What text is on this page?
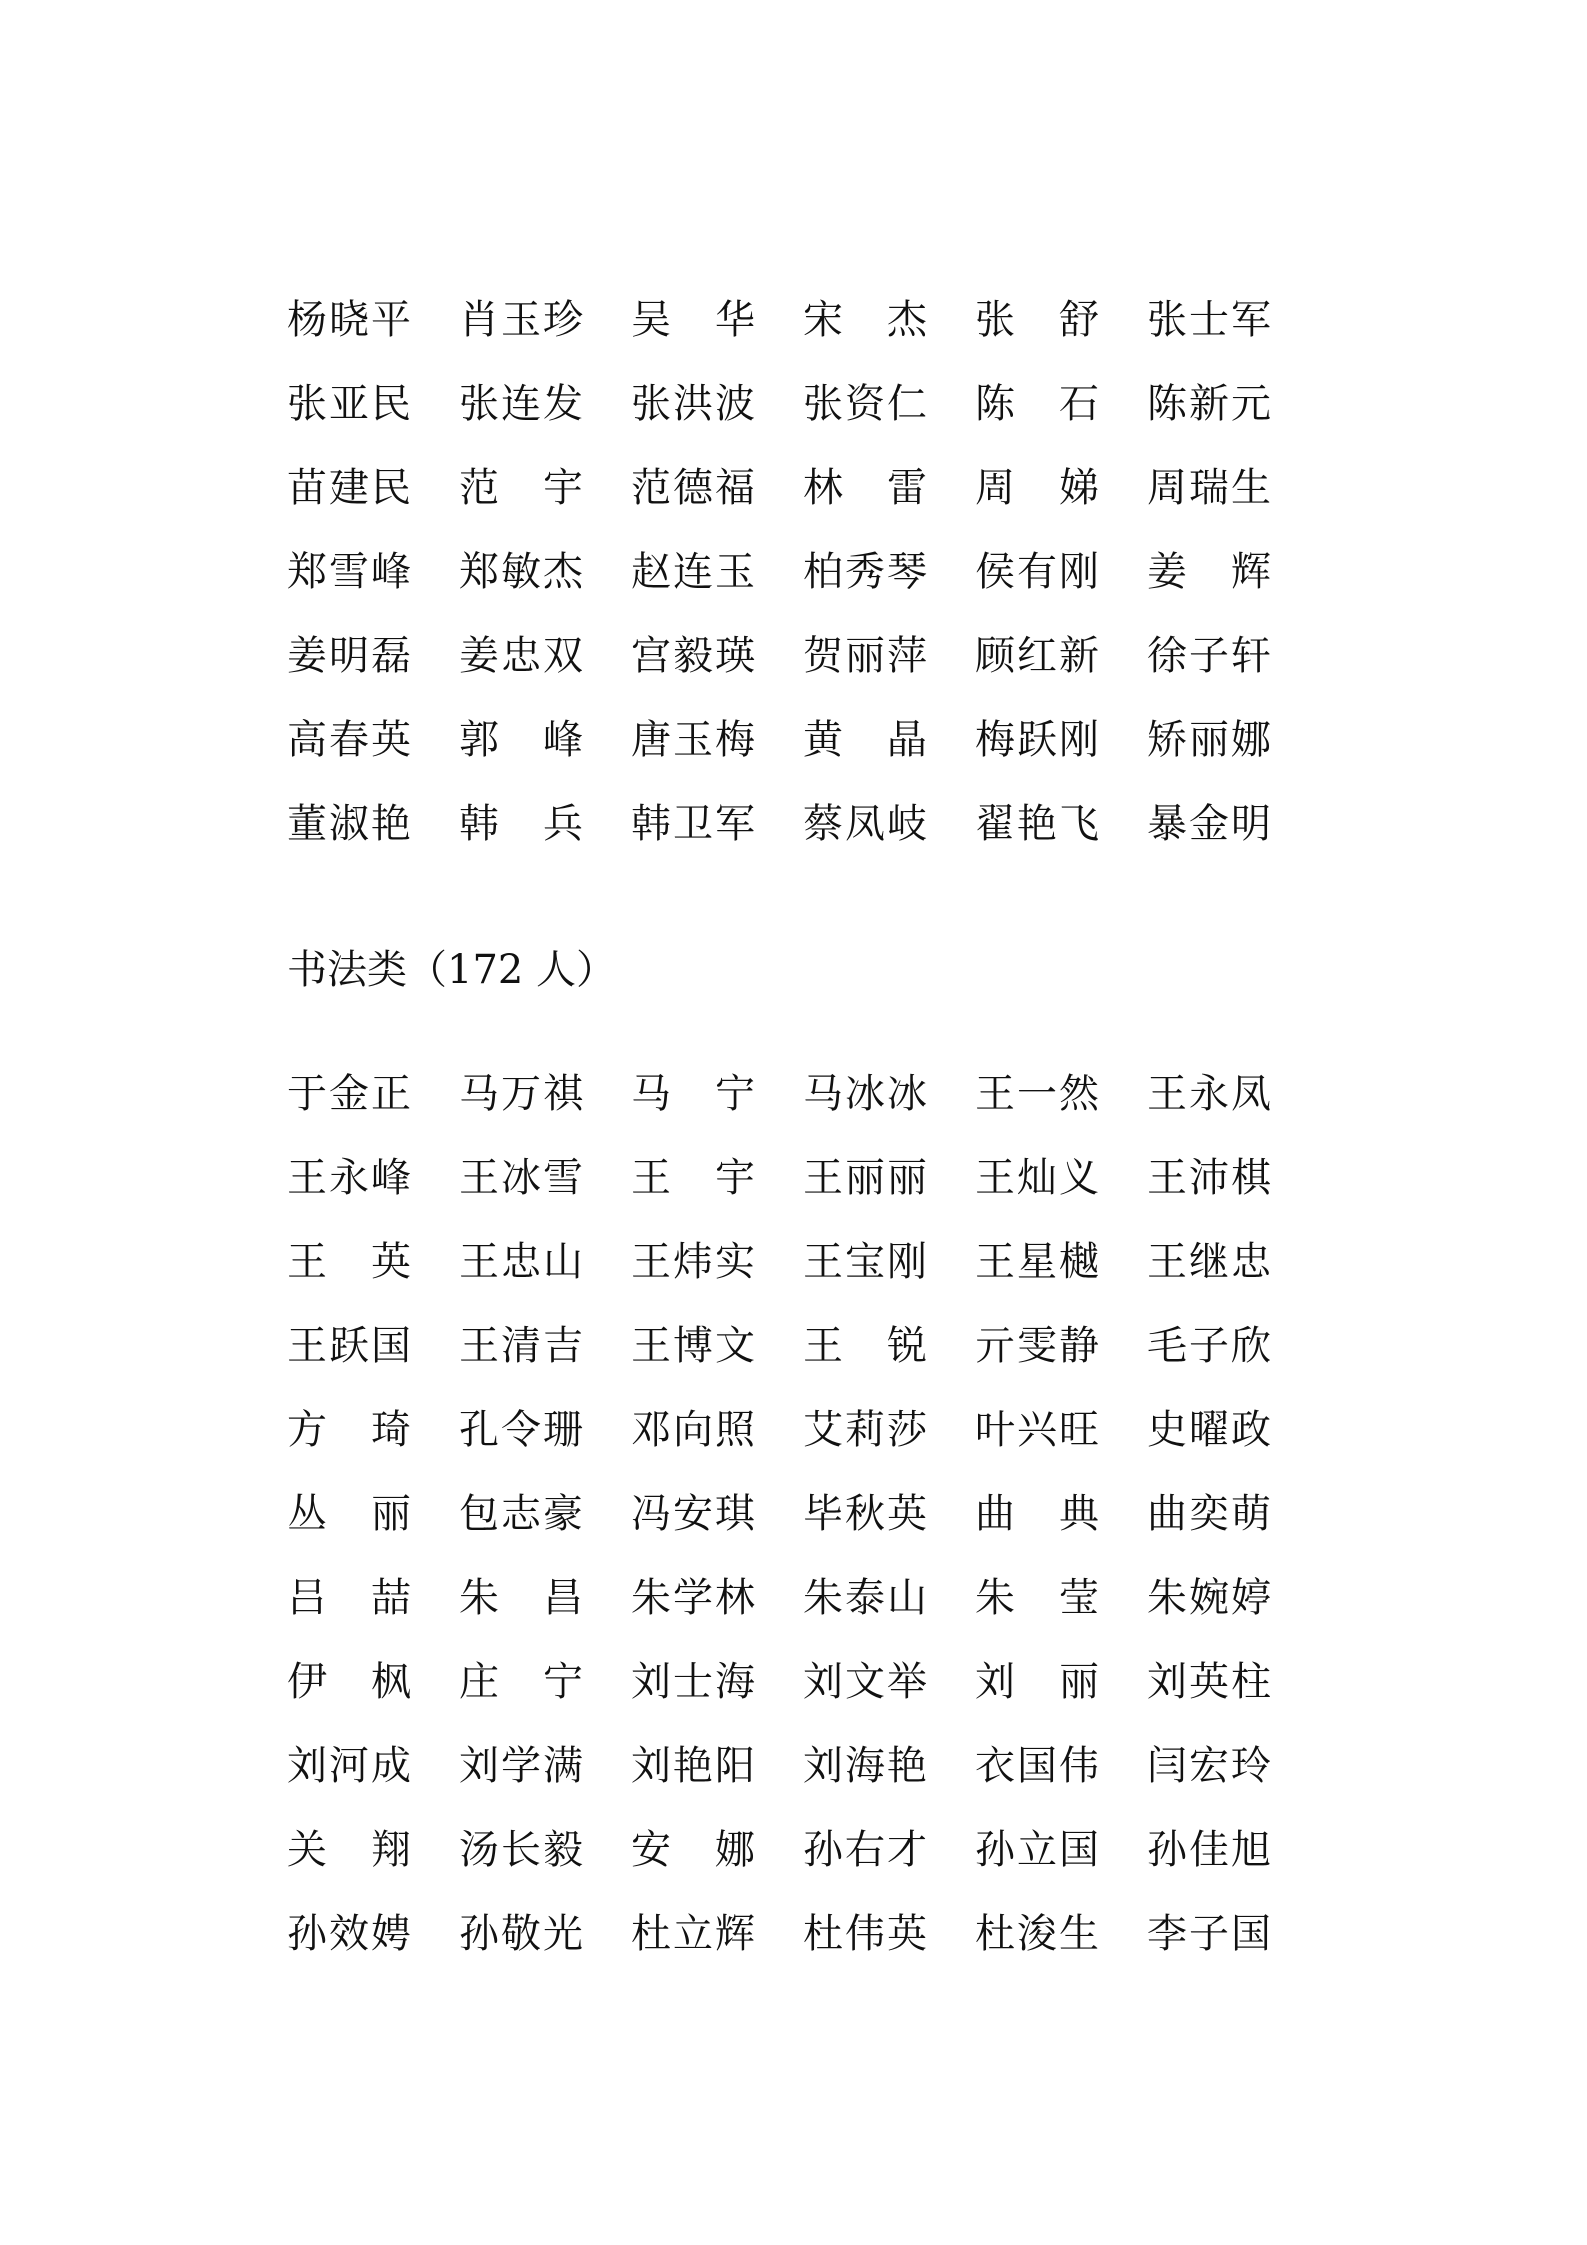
杨 晓 平 肖 玉 珍 吴 华 宋 杰 张 舒 张 士 军
张 亚 民 张 连 发 张 洪 波 张 资 仁 陈 石 陈 新 元
苗 建 民 范 宇 范 德 福 林 雷 周 娣 周 瑞 生
郑 雪 峰 郑 敏 杰 赵 连 玉 柏 秀 琴 侯 有 刚 姜 辉
姜 明 磊 姜 忠 双 宫 毅 瑛 贺 丽 萍 顾 红 新 徐 子 轩
高 春 英 郭 峰 唐 玉 梅 黄 晶 梅 跃 刚 矫 丽 娜
董 淑 艳 韩 兵 韩 卫 军 蔡 凤 岐 翟 艳 飞 暴 金 明
书法类（172 人）
于 金 正 马 万 祺 马 宁 马 冰 冰 王 一 然 王 永 凤
王 永 峰 王 冰 雪 王 宇 王 丽 丽 王 灿 义 王 沛 棋
王 英 王 忠 山 王 炜 实 王 宝 刚 王 星 樾 王 继 忠
王 跃 国 王 清 吉 王 博 文 王 锐 亓 雯 静 毛 子 欣
方 琦 孔 令 珊 邓 向 照 艾 莉 莎 叶 兴 旺 史 曜 政
丛 丽 包 志 豪 冯 安 琪 毕 秋 英 曲 典 曲 奕 萌
吕 喆 朱 昌 朱 学 林 朱 泰 山 朱 莹 朱 婉 婷
伊 枫 庄 宁 刘 士 海 刘 文 举 刘 丽 刘 英 柱
刘 河 成 刘 学 满 刘 艳 阳 刘 海 艳 衣 国 伟 闫 宏 玲
关 翔 汤 长 毅 安 娜 孙 右 才 孙 立 国 孙 佳 旭
孙 效 娉 孙 敬 光 杜 立 辉 杜 伟 英 杜 浚 生 李 子 国
